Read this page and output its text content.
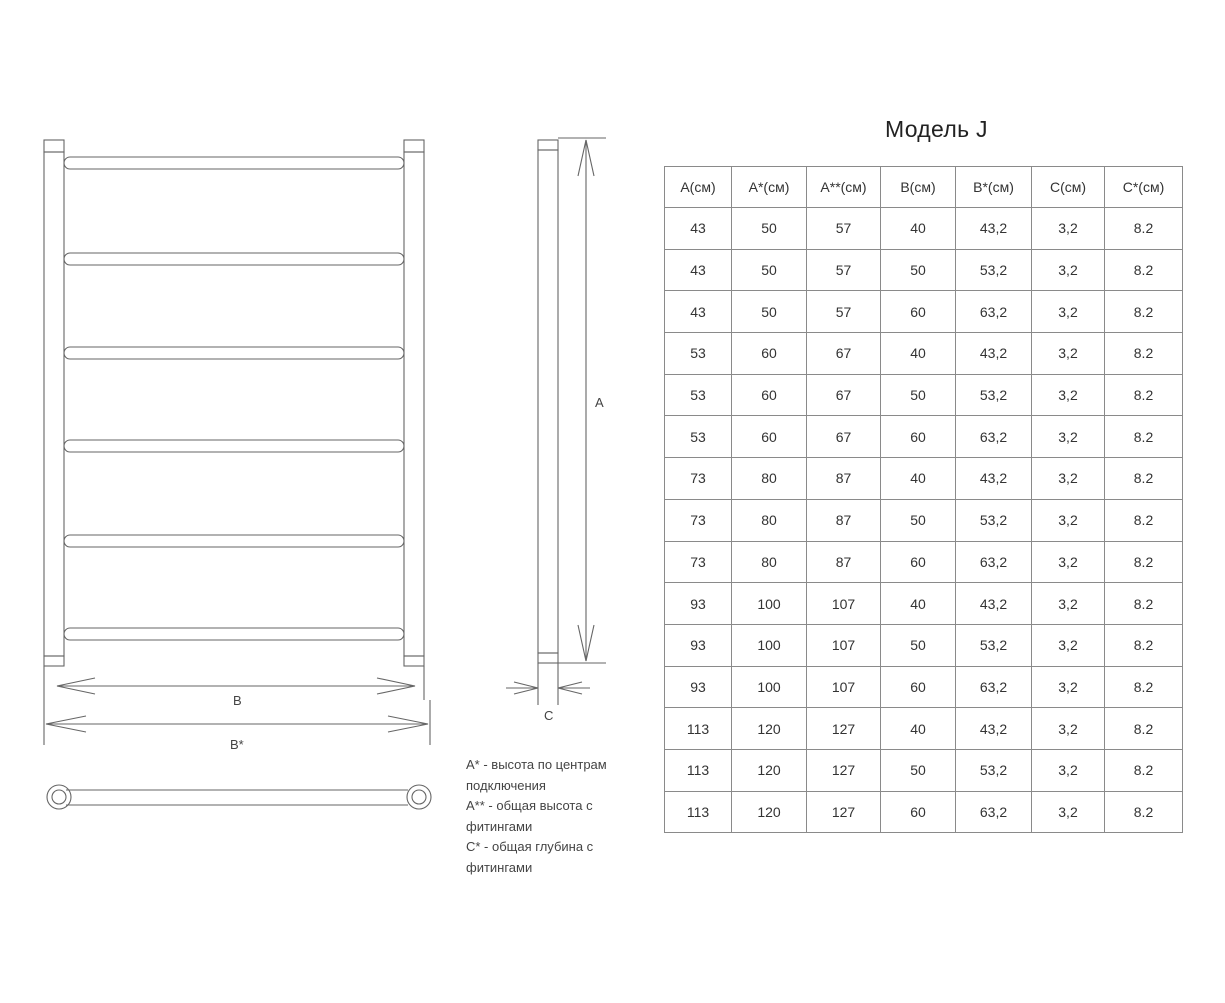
B
B*
A
C
Модель J
A(см)	A*(см)	A**(см)	B(см)	B*(см)	C(см)	C*(см)
43	50	57	40	43,2	3,2	8.2
43	50	57	50	53,2	3,2	8.2
43	50	57	60	63,2	3,2	8.2
53	60	67	40	43,2	3,2	8.2
53	60	67	50	53,2	3,2	8.2
53	60	67	60	63,2	3,2	8.2
73	80	87	40	43,2	3,2	8.2
73	80	87	50	53,2	3,2	8.2
73	80	87	60	63,2	3,2	8.2
93	100	107	40	43,2	3,2	8.2
93	100	107	50	53,2	3,2	8.2
93	100	107	60	63,2	3,2	8.2
113	120	127	40	43,2	3,2	8.2
113	120	127	50	53,2	3,2	8.2
113	120	127	60	63,2	3,2	8.2
A* - высота по центрам
подключения
A** - общая высота с
фитингами
C* - общая глубина с
фитингами
